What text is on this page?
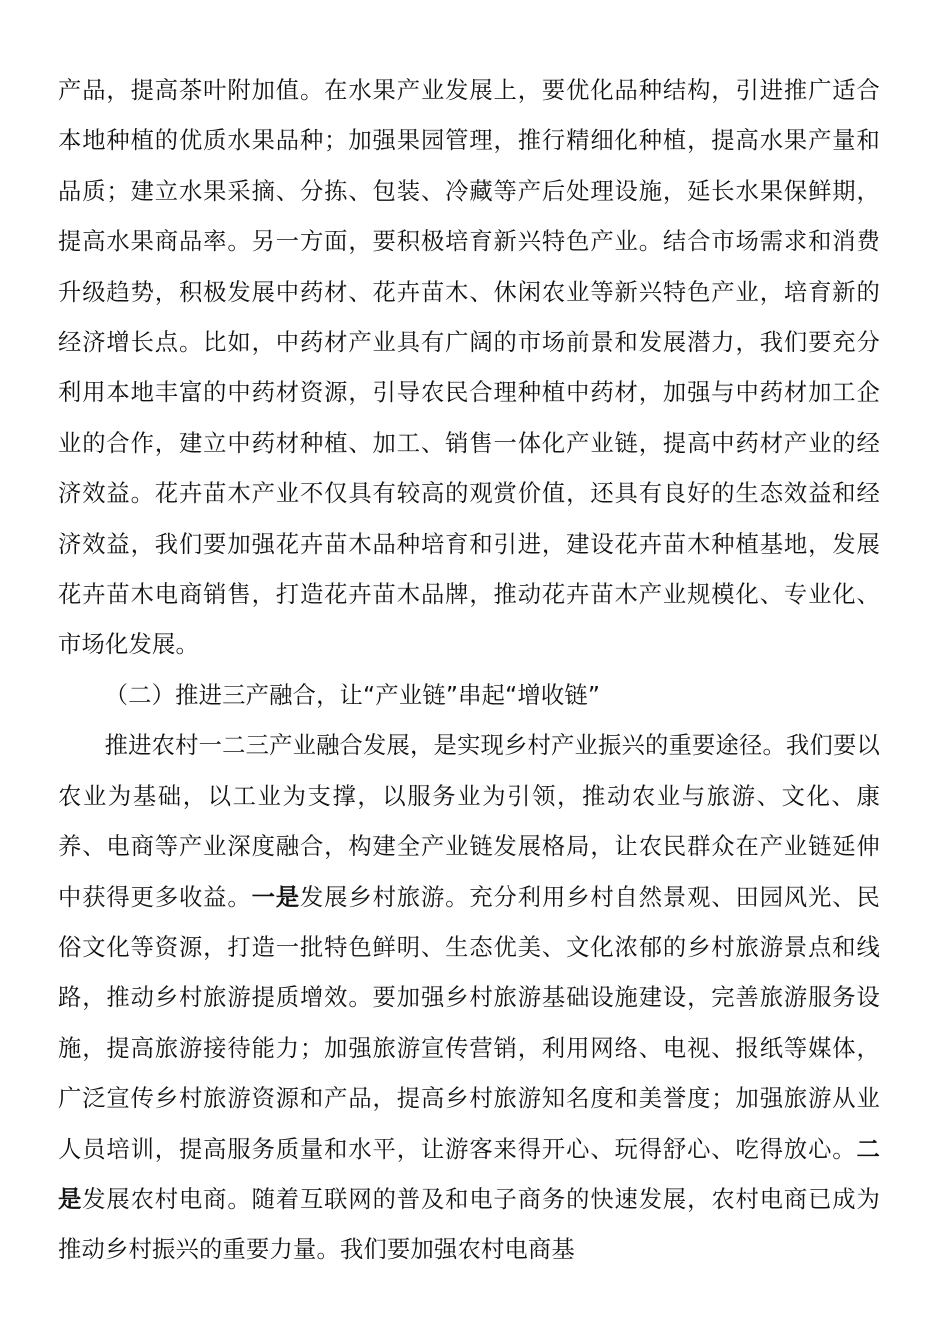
产品，提高茶叶附加值。在水果产业发展上，要优化品种结构，引进推广适合本地种植的优质水果品种；加强果园管理，推行精细化种植，提高水果产量和品质；建立水果采摘、分拣、包装、冷藏等产后处理设施，延长水果保鲜期，提高水果商品率。另一方面，要积极培育新兴特色产业。结合市场需求和消费升级趋势，积极发展中药材、花卉苗木、休闲农业等新兴特色产业，培育新的经济增长点。比如，中药材产业具有广阔的市场前景和发展潜力，我们要充分利用本地丰富的中药材资源，引导农民合理种植中药材，加强与中药材加工企业的合作，建立中药材种植、加工、销售一体化产业链，提高中药材产业的经济效益。花卉苗木产业不仅具有较高的观赏价值，还具有良好的生态效益和经济效益，我们要加强花卉苗木品种培育和引进，建设花卉苗木种植基地，发展花卉苗木电商销售，打造花卉苗木品牌，推动花卉苗木产业规模化、专业化、市场化发展。

（二）推进三产融合，让“产业链”串起“增收链”

推进农村一二三产业融合发展，是实现乡村产业振兴的重要途径。我们要以农业为基础，以工业为支撑，以服务业为引领，推动农业与旅游、文化、康养、电商等产业深度融合，构建全产业链发展格局，让农民群众在产业链延伸中获得更多收益。一是发展乡村旅游。充分利用乡村自然景观、田园风光、民俗文化等资源，打造一批特色鲜明、生态优美、文化浓郁的乡村旅游景点和线路，推动乡村旅游提质增效。要加强乡村旅游基础设施建设，完善旅游服务设施，提高旅游接待能力；加强旅游宣传营销，利用网络、电视、报纸等媒体，广泛宣传乡村旅游资源和产品，提高乡村旅游知名度和美誉度；加强旅游从业人员培训，提高服务质量和水平，让游客来得开心、玩得舒心、吃得放心。二是发展农村电商。随着互联网的普及和电子商务的快速发展，农村电商已成为推动乡村振兴的重要力量。我们要加强农村电商基
